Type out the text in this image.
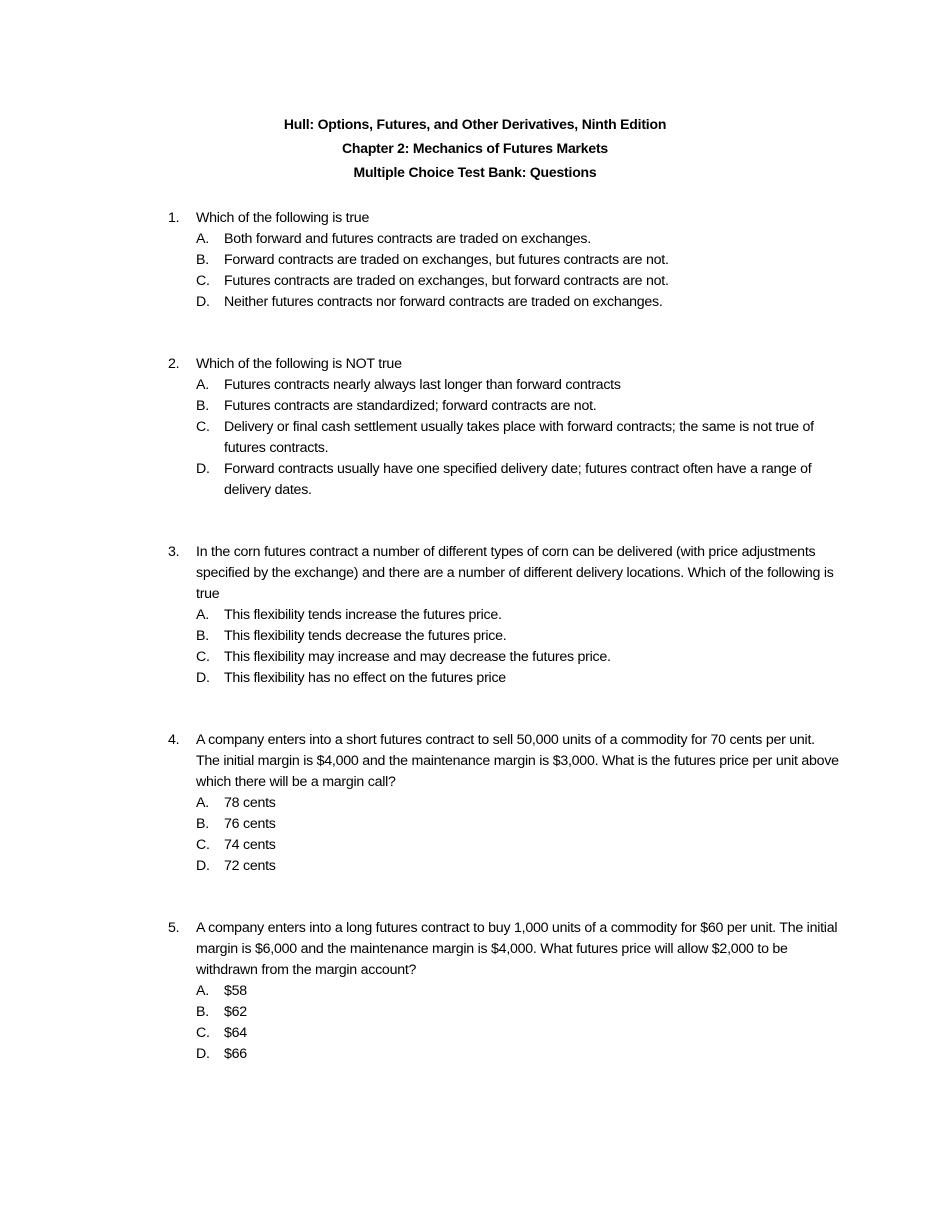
Hull: Options, Futures, and Other Derivatives, Ninth Edition
Chapter 2: Mechanics of Futures Markets
Multiple Choice Test Bank: Questions
1.	Which of the following is true
A.	Both forward and futures contracts are traded on exchanges.
B.	Forward contracts are traded on exchanges, but futures contracts are not.
C.	Futures contracts are traded on exchanges, but forward contracts are not.
D.	Neither futures contracts nor forward contracts are traded on exchanges.
2.	Which of the following is NOT true
A.	Futures contracts nearly always last longer than forward contracts
B.	Futures contracts are standardized; forward contracts are not.
C.	Delivery or final cash settlement usually takes place with forward contracts; the same is not true of futures contracts.
D.	Forward contracts usually have one specified delivery date; futures contract often have a range of delivery dates.
3.	In the corn futures contract a number of different types of corn can be delivered (with price adjustments specified by the exchange) and there are a number of different delivery locations. Which of the following is true
A.	This flexibility tends increase the futures price.
B.	This flexibility tends decrease the futures price.
C.	This flexibility may increase and may decrease the futures price.
D.	This flexibility has no effect on the futures price
4.	A company enters into a short futures contract to sell 50,000 units of a commodity for 70 cents per unit. The initial margin is $4,000 and the maintenance margin is $3,000. What is the futures price per unit above which there will be a margin call?
A.	78 cents
B.	76 cents
C.	74 cents
D.	72 cents
5.	A company enters into a long futures contract to buy 1,000 units of a commodity for $60 per unit. The initial margin is $6,000 and the maintenance margin is $4,000. What futures price will allow $2,000 to be withdrawn from the margin account?
A.	$58
B.	$62
C.	$64
D.	$66
